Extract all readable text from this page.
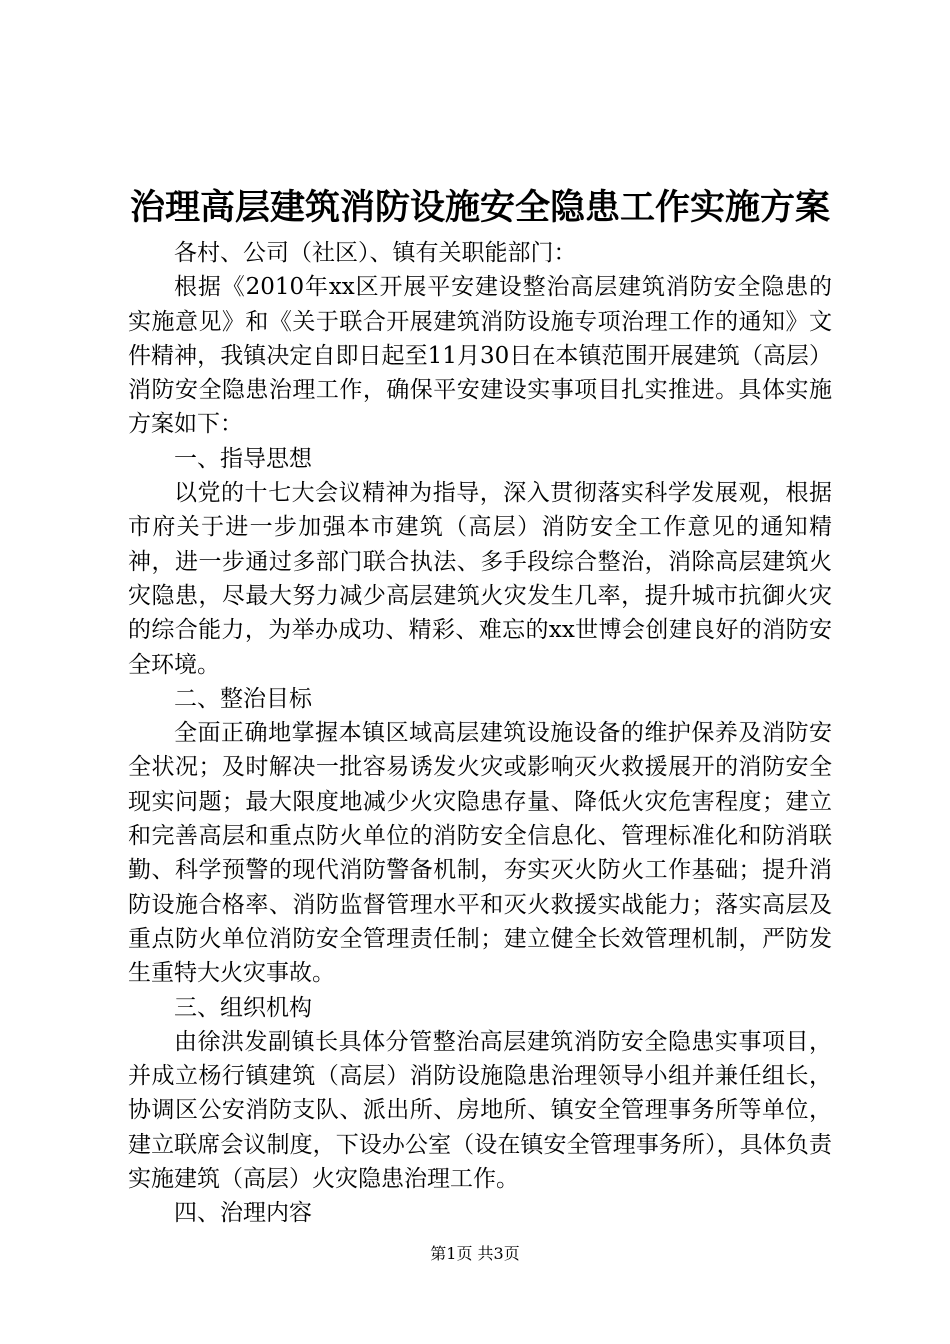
治理高层建筑消防设施安全隐患工作实施方案

各村、公司（社区）、镇有关职能部门：

根据《2010年xx区开展平安建设整治高层建筑消防安全隐患的实施意见》和《关于联合开展建筑消防设施专项治理工作的通知》文件精神，我镇决定自即日起至11月30日在本镇范围开展建筑（高层）消防安全隐患治理工作，确保平安建设实事项目扎实推进。具体实施方案如下：

一、指导思想

以党的十七大会议精神为指导，深入贯彻落实科学发展观，根据市府关于进一步加强本市建筑（高层）消防安全工作意见的通知精神，进一步通过多部门联合执法、多手段综合整治，消除高层建筑火灾隐患，尽最大努力减少高层建筑火灾发生几率，提升城市抗御火灾的综合能力，为举办成功、精彩、难忘的xx世博会创建良好的消防安全环境。

二、整治目标

全面正确地掌握本镇区域高层建筑设施设备的维护保养及消防安全状况；及时解决一批容易诱发火灾或影响灭火救援展开的消防安全现实问题；最大限度地减少火灾隐患存量、降低火灾危害程度；建立和完善高层和重点防火单位的消防安全信息化、管理标准化和防消联勤、科学预警的现代消防警备机制，夯实灭火防火工作基础；提升消防设施合格率、消防监督管理水平和灭火救援实战能力；落实高层及重点防火单位消防安全管理责任制；建立健全长效管理机制，严防发生重特大火灾事故。

三、组织机构

由徐洪发副镇长具体分管整治高层建筑消防安全隐患实事项目，并成立杨行镇建筑（高层）消防设施隐患治理领导小组并兼任组长，协调区公安消防支队、派出所、房地所、镇安全管理事务所等单位，建立联席会议制度，下设办公室（设在镇安全管理事务所），具体负责实施建筑（高层）火灾隐患治理工作。

四、治理内容

第1页 共3页
